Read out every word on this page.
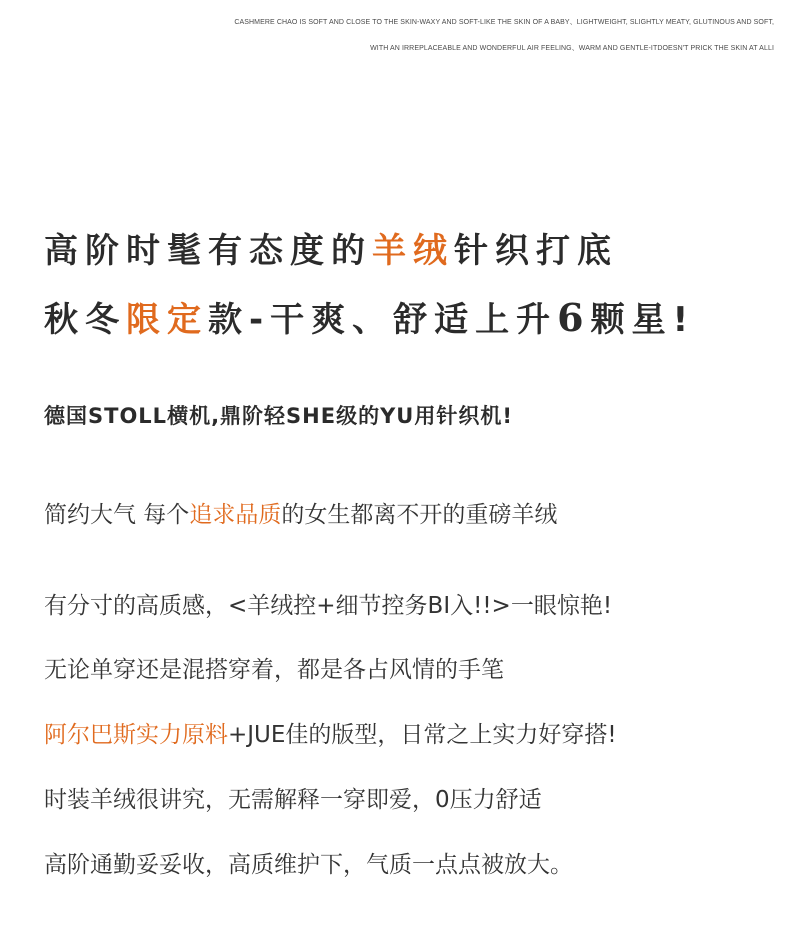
CASHMERE CHAO IS SOFT AND CLOSE TO THE SKIN-WAXY AND SOFT-LIKE THE SKIN OF A BABY、LIGHTWEIGHT, SLIGHTLY MEATY, GLUTINOUS AND SOFT,
WITH AN IRREPLACEABLE AND WONDERFUL AIR FEELING、WARM AND GENTLE-ITDOESN'T PRICK THE SKIN AT ALLI
高阶时髦有态度的羊绒针织打底
秋冬限定款-干爽、舒适上升6颗星!
德国STOLL横机,鼎阶轻SHE级的YU用针织机!
简约大气 每个追求品质的女生都离不开的重磅羊绒
有分寸的高质感，<羊绒控+细节控务BI入!!>一眼惊艳!
无论单穿还是混搭穿着，都是各占风情的手笔
阿尔巴斯实力原料+JUE佳的版型，日常之上实力好穿搭!
时装羊绒很讲究，无需解释一穿即爱，0压力舒适
高阶通勤妥妥收，高质维护下，气质一点点被放大。
